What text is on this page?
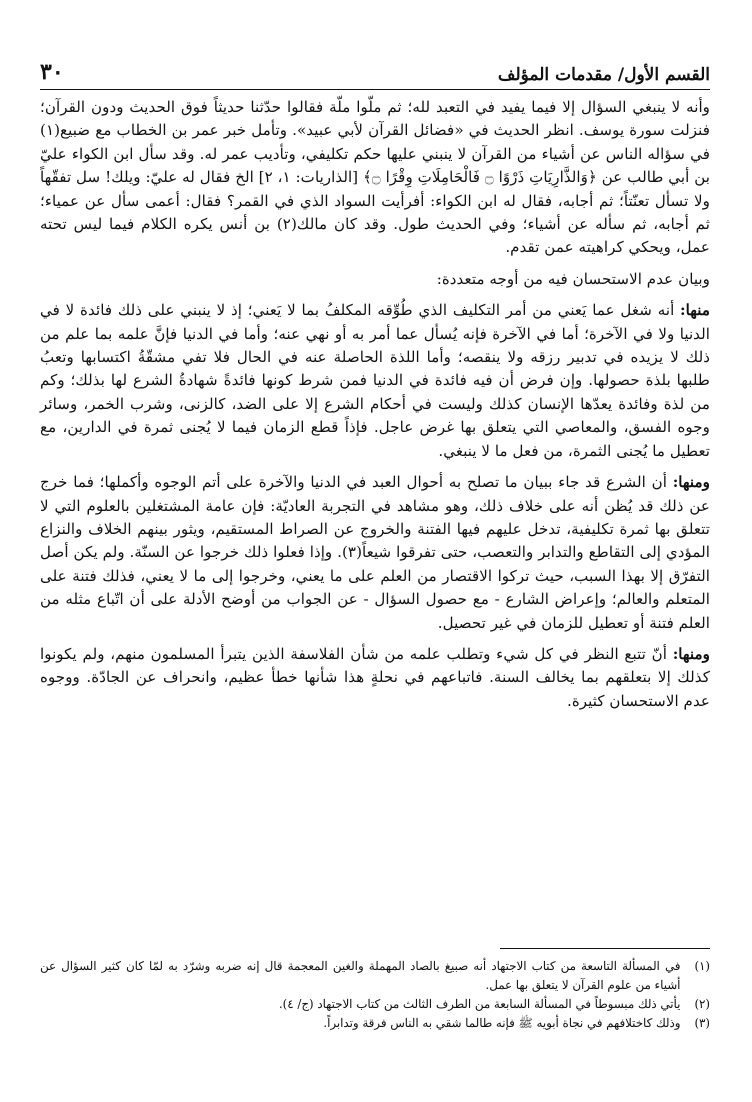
القسم الأول/ مقدمات المؤلف
٣٠

وأنه لا ينبغي السؤال إلا فيما يفيد في التعبد لله؛ ثم ملّوا ملّة فقالوا حدّثنا حديثاً فوق الحديث ودون القرآن؛ فنزلت سورة يوسف. انظر الحديث في «فضائل القرآن لأبي عبيد». وتأمل خبر عمر بن الخطاب مع ضبيع(١) في سؤاله الناس عن أشياء من القرآن لا ينبني عليها حكم تكليفي، وتأديب عمر له. وقد سأل ابن الكواء عليّ بن أبي طالب عن ﴿وَالذَّارِيَاتِ ذَرْوًا ۝ فَالْحَامِلَاتِ وِقْرًا ۝﴾ [الذاريات: ١، ٢] الخ فقال له عليّ: ويلك! سل تفقّهاً ولا تسأل تعنّتاً؛ ثم أجابه، فقال له ابن الكواء: أفرأيت السواد الذي في القمر؟ فقال: أعمى سأل عن عمياء؛ ثم أجابه، ثم سأله عن أشياء؛ وفي الحديث طول. وقد كان مالك(٢) بن أنس يكره الكلام فيما ليس تحته عمل، ويحكي كراهيته عمن تقدم.

وبيان عدم الاستحسان فيه من أوجه متعددة:

منها: أنه شغل عما يَعني من أمر التكليف الذي طُوِّقه المكلفُ بما لا يَعني؛ إذ لا ينبني على ذلك فائدة لا في الدنيا ولا في الآخرة؛ أما في الآخرة فإنه يُسأل عما أمر به أو نهي عنه؛ وأما في الدنيا فإنَّ علمه بما علم من ذلك لا يزيده في تدبير رزقه ولا ينقصه؛ وأما اللذة الحاصلة عنه في الحال فلا تفي مشقّةُ اكتسابها وتعبُ طلبها بلذة حصولها. وإن فرض أن فيه فائدة في الدنيا فمن شرط كونها فائدةً شهادةُ الشرع لها بذلك؛ وكم من لذة وفائدة يعدّها الإنسان كذلك وليست في أحكام الشرع إلا على الضد، كالزنى، وشرب الخمر، وسائر وجوه الفسق، والمعاصي التي يتعلق بها غرض عاجل. فإذاً قطع الزمان فيما لا يُجنى ثمرة في الدارين، مع تعطيل ما يُجنى الثمرة، من فعل ما لا ينبغي.

ومنها: أن الشرع قد جاء ببيان ما تصلح به أحوال العبد في الدنيا والآخرة على أتم الوجوه وأكملها؛ فما خرج عن ذلك قد يُظن أنه على خلاف ذلك، وهو مشاهد في التجربة العاديّة: فإن عامة المشتغلين بالعلوم التي لا تتعلق بها ثمرة تكليفية، تدخل عليهم فيها الفتنة والخروج عن الصراط المستقيم، ويثور بينهم الخلاف والنزاع المؤدي إلى التقاطع والتدابر والتعصب، حتى تفرقوا شيعاً(٣). وإذا فعلوا ذلك خرجوا عن السنّة. ولم يكن أصل التفرّق إلا بهذا السبب، حيث تركوا الاقتصار من العلم على ما يعني، وخرجوا إلى ما لا يعني، فذلك فتنة على المتعلم والعالم؛ وإعراض الشارع - مع حصول السؤال - عن الجواب من أوضح الأدلة على أن اتّباع مثله من العلم فتنة أو تعطيل للزمان في غير تحصيل.

ومنها: أنّ تتبع النظر في كل شيء وتطلب علمه من شأن الفلاسفة الذين يتبرأ المسلمون منهم، ولم يكونوا كذلك إلا بتعلقهم بما يخالف السنة. فاتباعهم في نحلةٍ هذا شأنها خطأ عظيم، وانحراف عن الجادّة. ووجوه عدم الاستحسان كثيرة.

(١)
في المسألة التاسعة من كتاب الاجتهاد أنه صبيغ بالصاد المهملة والغين المعجمة قال إنه ضربه وشرّد به لمّا كان كثير السؤال عن أشياء من علوم القرآن لا يتعلق بها عمل.
(٢)
يأتي ذلك مبسوطاً في المسألة السابعة من الطرف الثالث من كتاب الاجتهاد (ج/ ٤).
(٣)
وذلك كاختلافهم في نجاة أبويه ﷺ فإنه طالما شقي به الناس فرقة وتدابراً.
